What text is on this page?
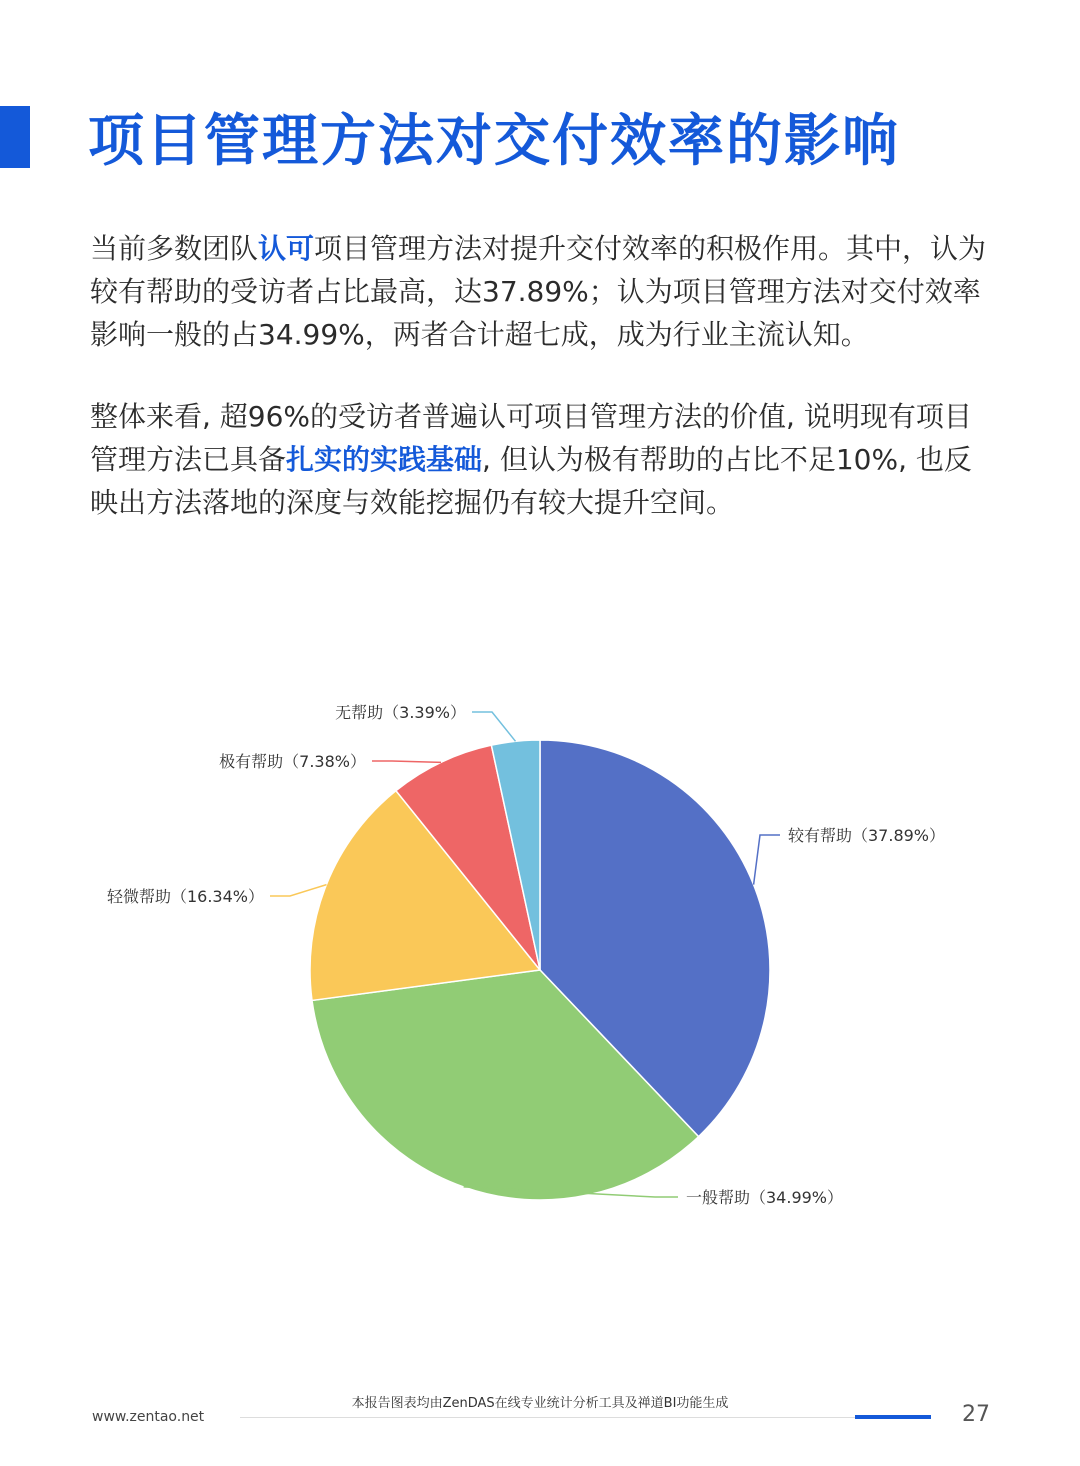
项目管理方法对交付效率的影响

当前多数团队认可项目管理方法对提升交付效率的积极作用。其中，认为较有帮助的受访者占比最高，达37.89%；认为项目管理方法对交付效率影响一般的占34.99%，两者合计超七成，成为行业主流认知。

整体来看, 超96%的受访者普遍认可项目管理方法的价值, 说明现有项目管理方法已具备扎实的实践基础, 但认为极有帮助的占比不足10%, 也反映出方法落地的深度与效能挖掘仍有较大提升空间。

较有帮助（37.89%）
一般帮助（34.99%）
轻微帮助（16.34%）
极有帮助（7.38%）
无帮助（3.39%）
本报告图表均由ZenDAS在线专业统计分析工具及禅道BI功能生成
www.zentao.net	27
